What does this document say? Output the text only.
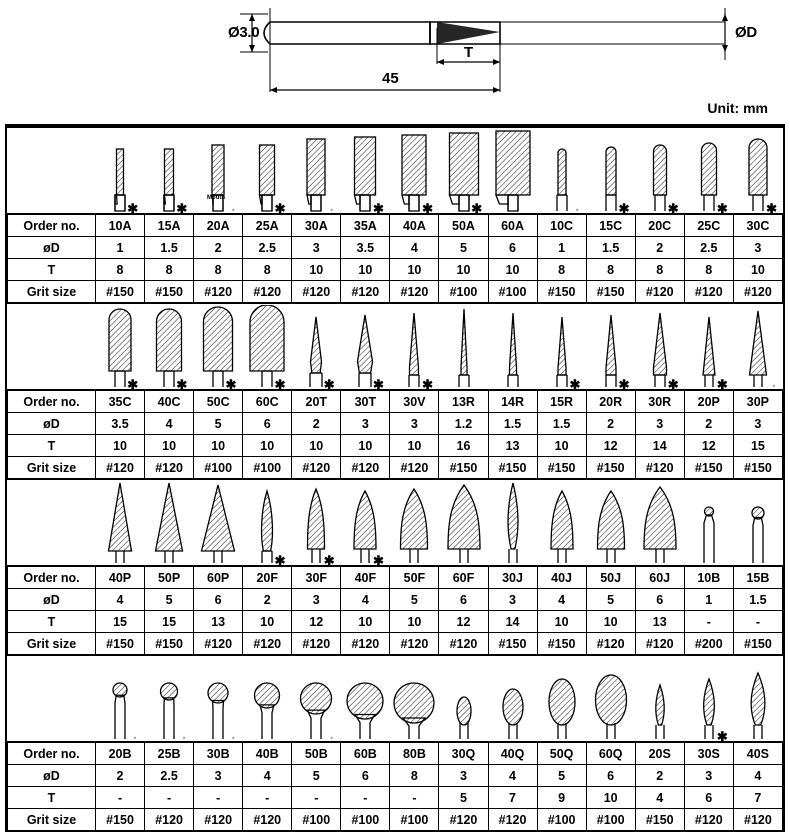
Ø3.0	ØD
T
45
Unit: mm
✱	✱
Mouth
#	✱	#	✱	✱	✱	#	✱	✱	✱	✱
Order no.	10A	15A	20A	25A	30A	35A	40A	50A	60A	10C	15C	20C	25C	30C
øD	1	1.5	2	2.5	3	3.5	4	5	6	1	1.5	2	2.5	3
T	8	8	8	8	10	10	10	10	10	8	8	8	8	10
Grit size	#150	#150	#120	#120	#120	#120	#120	#100	#100	#150	#150	#120	#120	#120
✱	✱	✱	✱	✱	✱	✱	✱	✱	✱	✱	#
Order no.	35C	40C	50C	60C	20T	30T	30V	13R	14R	15R	20R	30R	20P	30P
øD	3.5	4	5	6	2	3	3	1.2	1.5	1.5	2	3	2	3
T	10	10	10	10	10	10	10	16	13	10	12	14	12	15
Grit size	#120	#120	#100	#100	#120	#120	#120	#150	#150	#150	#150	#120	#150	#150
✱	✱	✱
Order no.	40P	50P	60P	20F	30F	40F	50F	60F	30J	40J	50J	60J	10B	15B
øD	4	5	6	2	3	4	5	6	3	4	5	6	1	1.5
T	15	15	13	10	12	10	10	12	14	10	10	13	-	-
Grit size	#150	#150	#120	#120	#120	#120	#120	#120	#150	#150	#120	#120	#200	#150
#	#	#	#	✱
Order no.	20B	25B	30B	40B	50B	60B	80B	30Q	40Q	50Q	60Q	20S	30S	40S
øD	2	2.5	3	4	5	6	8	3	4	5	6	2	3	4
T	-	-	-	-	-	-	-	5	7	9	10	4	6	7
Grit size	#150	#120	#120	#120	#100	#100	#100	#120	#120	#100	#100	#150	#120	#120
